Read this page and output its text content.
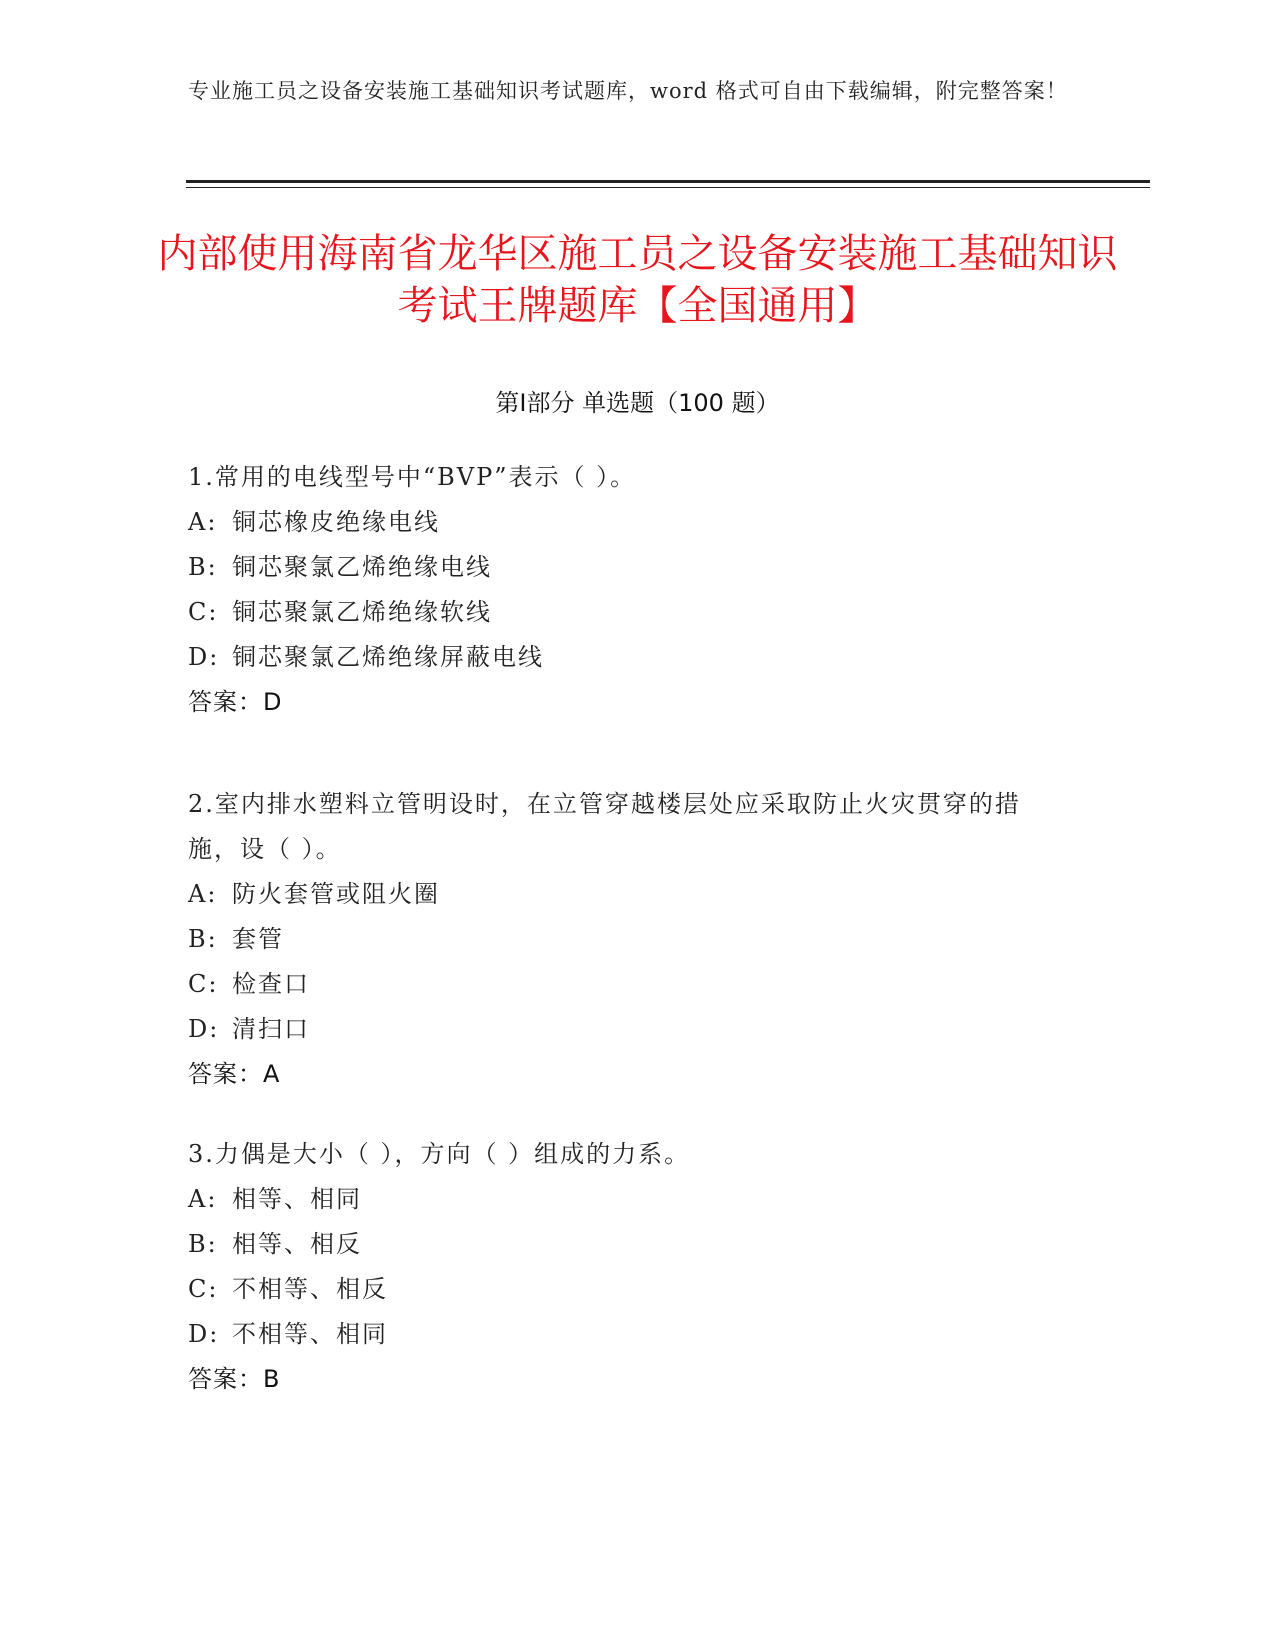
专业施工员之设备安装施工基础知识考试题库，word 格式可自由下载编辑，附完整答案！
内部使用海南省龙华区施工员之设备安装施工基础知识考试王牌题库【全国通用】
第Ⅰ部分 单选题（100 题）
1.常用的电线型号中“BVP”表示（ ）。
A: 铜芯橡皮绝缘电线
B: 铜芯聚氯乙烯绝缘电线
C: 铜芯聚氯乙烯绝缘软线
D: 铜芯聚氯乙烯绝缘屏蔽电线
答案：D
2.室内排水塑料立管明设时，在立管穿越楼层处应采取防止火灾贯穿的措施，设（ ）。
A: 防火套管或阻火圈
B: 套管
C: 检查口
D: 清扫口
答案：A
3.力偶是大小（ ），方向（ ）组成的力系。
A: 相等、相同
B: 相等、相反
C: 不相等、相反
D: 不相等、相同
答案：B
